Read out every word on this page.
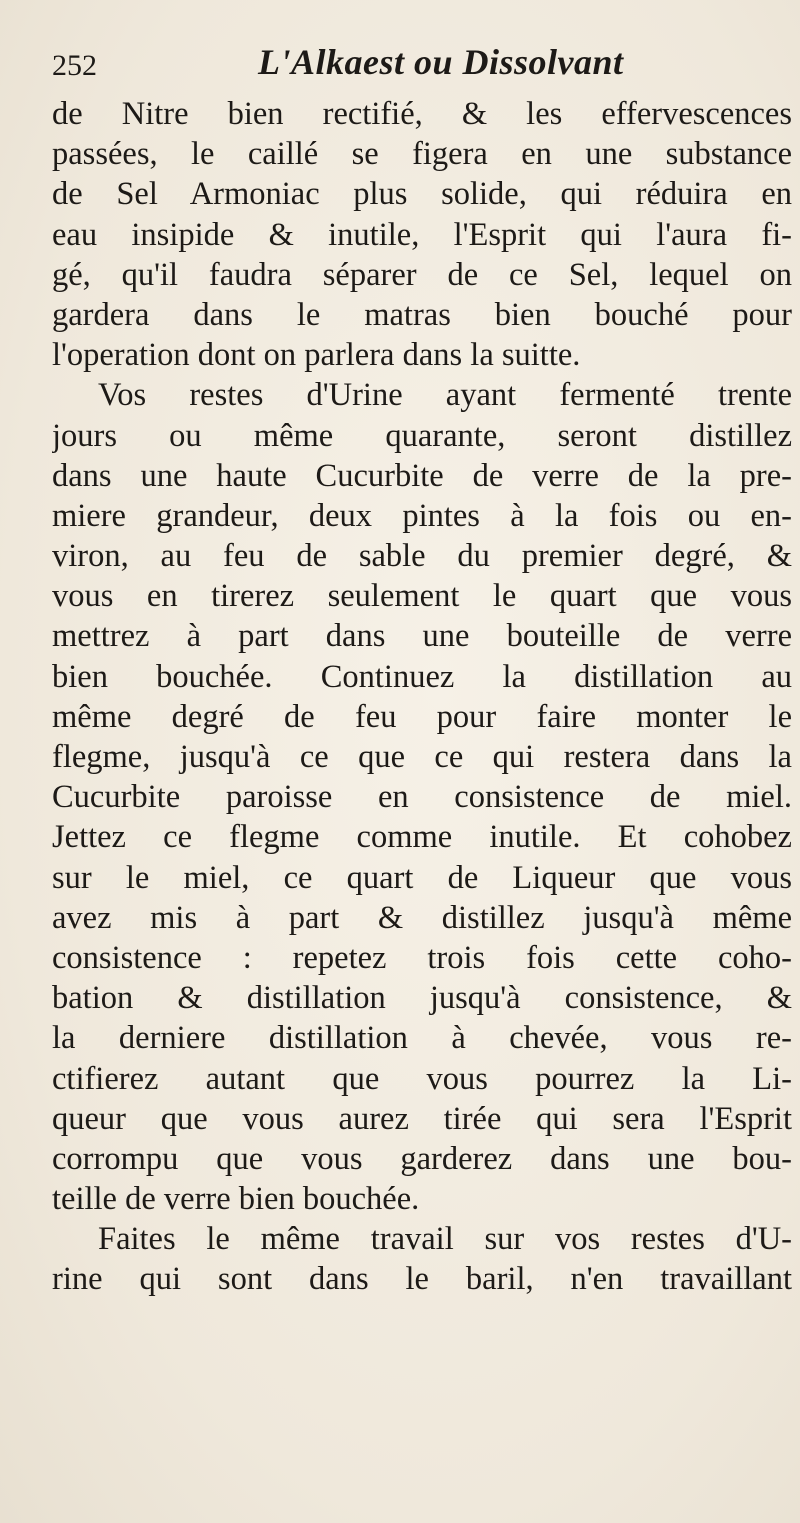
252	L'Alkaest ou Dissolvant
de Nitre bien rectifié, & les effervescences
passées, le caillé se figera en une substance
de Sel Armoniac plus solide, qui réduira en
eau insipide & inutile, l'Esprit qui l'aura fi-
gé, qu'il faudra séparer de ce Sel, lequel on
gardera dans le matras bien bouché pour
l'operation dont on parlera dans la suitte.
Vos restes d'Urine ayant fermenté trente
jours ou même quarante, seront distillez
dans une haute Cucurbite de verre de la pre-
miere grandeur, deux pintes à la fois ou en-
viron, au feu de sable du premier degré, &
vous en tirerez seulement le quart que vous
mettrez à part dans une bouteille de verre
bien bouchée. Continuez la distillation au
même degré de feu pour faire monter le
flegme, jusqu'à ce que ce qui restera dans la
Cucurbite paroisse en consistence de miel.
Jettez ce flegme comme inutile. Et cohobez
sur le miel, ce quart de Liqueur que vous
avez mis à part & distillez jusqu'à même
consistence : repetez trois fois cette coho-
bation & distillation jusqu'à consistence, &
la derniere distillation à chevée, vous re-
ctifierez autant que vous pourrez la Li-
queur que vous aurez tirée qui sera l'Esprit
corrompu que vous garderez dans une bou-
teille de verre bien bouchée.
Faites le même travail sur vos restes d'U-
rine qui sont dans le baril, n'en travaillant
